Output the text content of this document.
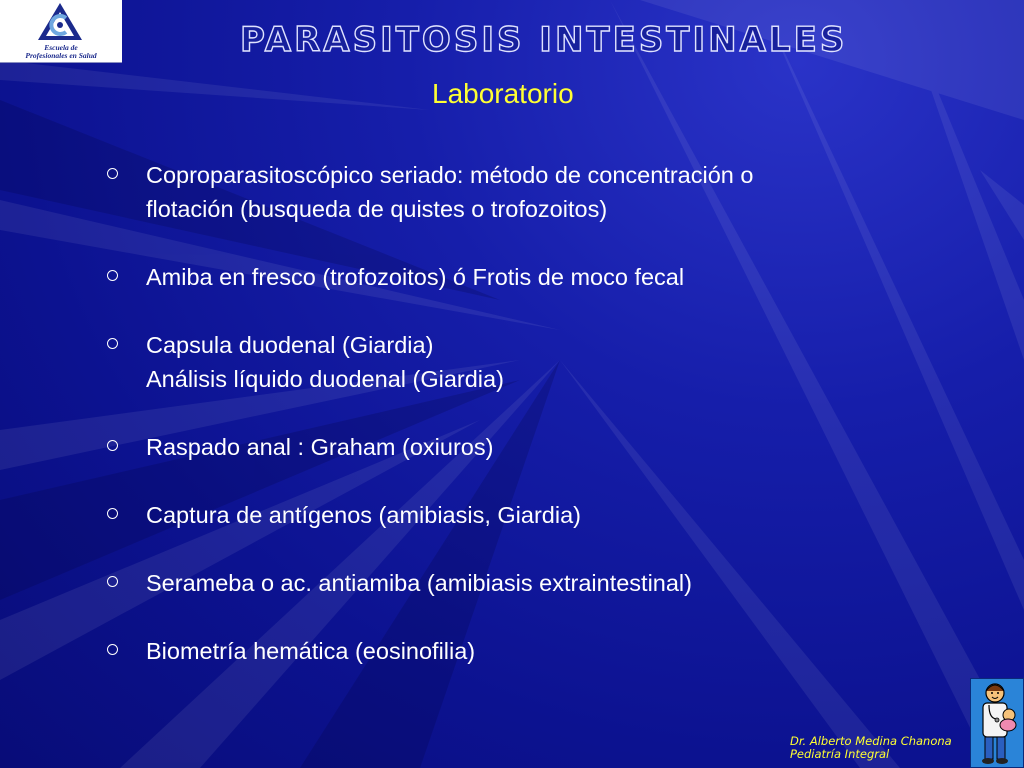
Escuela de
Profesionales en Salud	PARASITOSIS INTESTINALES
Laboratorio
Coproparasitoscópico seriado: método de concentración o
flotación (busqueda de quistes o trofozoitos)
Amiba en fresco (trofozoitos) ó Frotis de moco fecal
Capsula duodenal (Giardia)
Análisis líquido duodenal (Giardia)
Raspado anal : Graham (oxiuros)
Captura de antígenos (amibiasis, Giardia)
Serameba o ac. antiamiba (amibiasis extraintestinal)
Biometría hemática (eosinofilia)
Dr. Alberto Medina Chanona
Pediatría Integral
